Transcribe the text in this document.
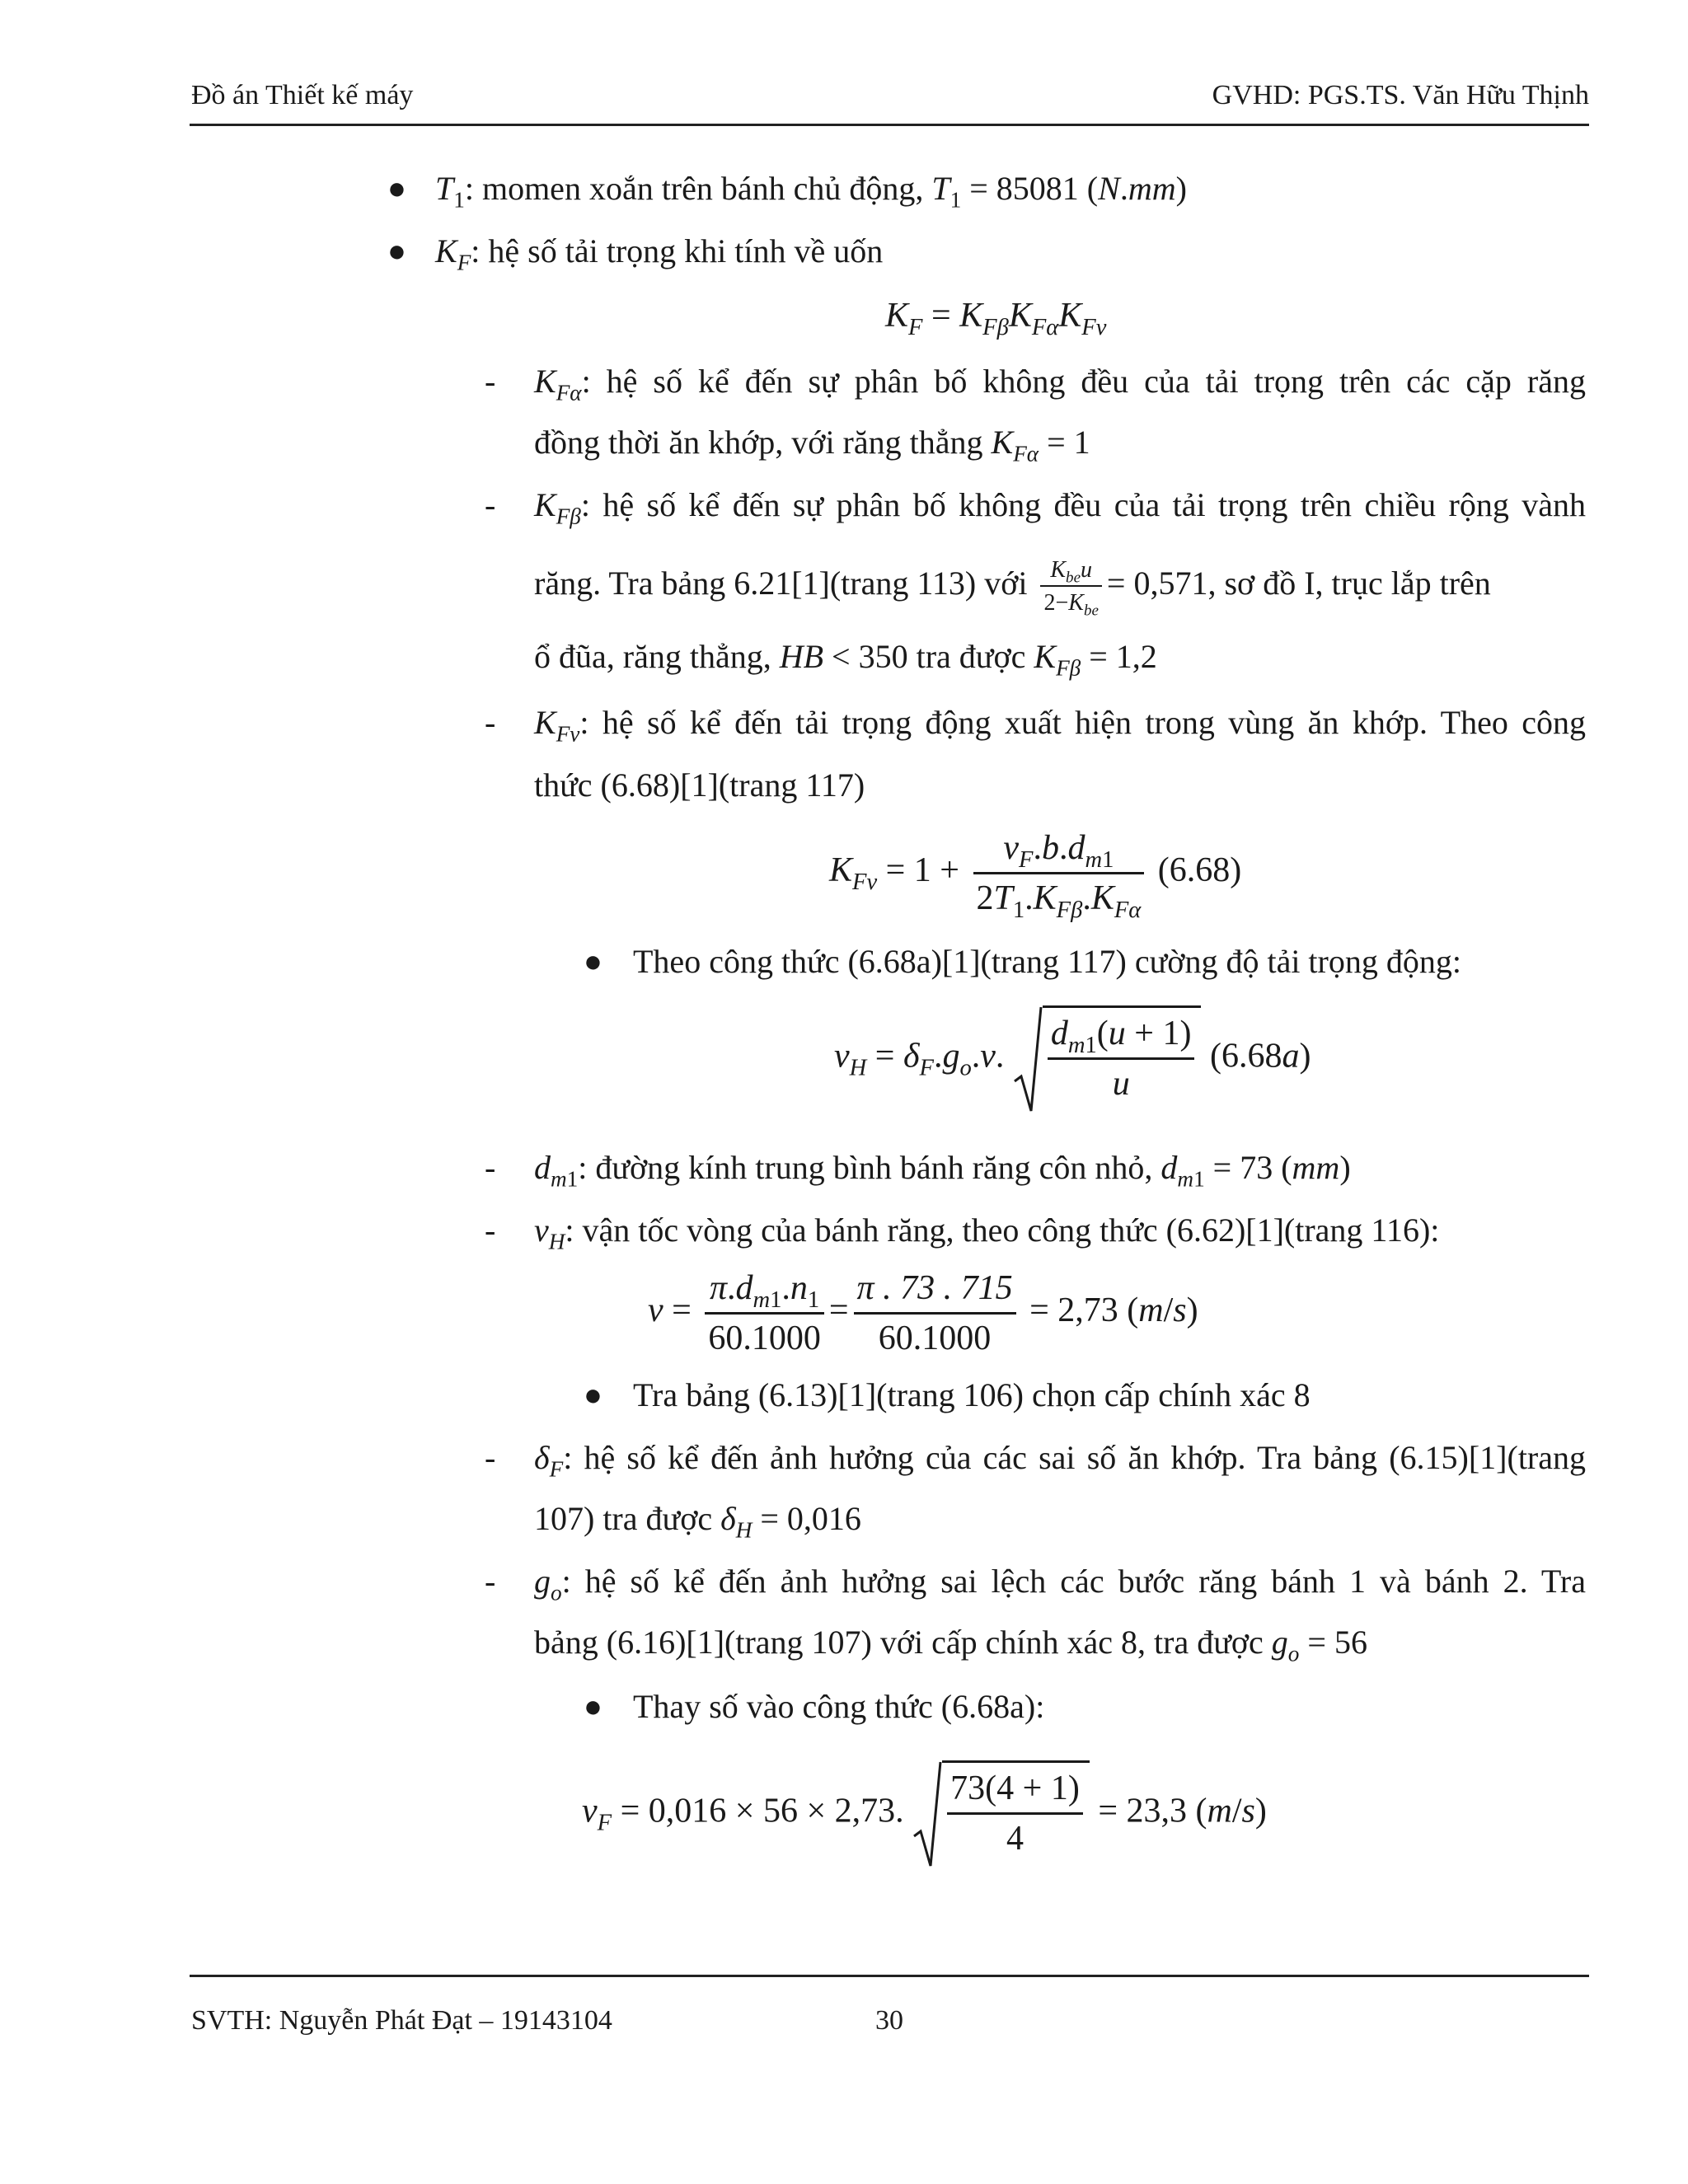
Đồ án Thiết kế máy	GVHD: PGS.TS. Văn Hữu Thịnh
● $T_1$: momen xoắn trên bánh chủ động, $T_1 = 85081$ (N.mm)
● $K_F$: hệ số tải trọng khi tính về uốn
$K_F = K_{F\beta}K_{F\alpha}K_{Fv}$
- $K_{F\alpha}$: hệ số kể đến sự phân bố không đều của tải trọng trên các cặp răng
đồng thời ăn khớp, với răng thẳng $K_{F\alpha} = 1$
- $K_{F\beta}$: hệ số kể đến sự phân bố không đều của tải trọng trên chiều rộng vành
răng. Tra bảng 6.21[1](trang 113) với $\frac{K_{be}u}{2-K_{be}} = 0,571$, sơ đồ I, trục lắp trên
ổ đũa, răng thẳng, HB < 350 tra được $K_{F\beta} = 1,2$
- $K_{Fv}$: hệ số kể đến tải trọng động xuất hiện trong vùng ăn khớp. Theo công
thức (6.68)[1](trang 117)
$K_{Fv} = 1 + \frac{v_F.b.d_{m1}}{2T_1.K_{F\beta}.K_{F\alpha}} (6.68)$
● Theo công thức (6.68a)[1](trang 117) cường độ tải trọng động:
$v_H = \delta_F.g_o.v$. $\frac{d_{m1}(u + 1)}{u} (6.68a)$
- $d_{m1}$: đường kính trung bình bánh răng côn nhỏ, $d_{m1} = 73$ (mm)
- $v_H$: vận tốc vòng của bánh răng, theo công thức (6.62)[1](trang 116):
$v = \frac{\pi.d_{m1}.n_1}{60.1000} = \frac{\pi . 73 . 715}{60.1000} = 2,73$ (m/s)
● Tra bảng (6.13)[1](trang 106) chọn cấp chính xác 8
- $\delta_F$: hệ số kể đến ảnh hưởng của các sai số ăn khớp. Tra bảng (6.15)[1](trang
107) tra được $\delta_H = 0,016$
- $g_o$: hệ số kể đến ảnh hưởng sai lệch các bước răng bánh 1 và bánh 2. Tra
bảng (6.16)[1](trang 107) với cấp chính xác 8, tra được $g_o = 56$
● Thay số vào công thức (6.68a):
$v_F = 0,016 \times 56 \times 2,73$. $\frac{73(4 + 1)}{4} = 23,3$ (m/s)
SVTH: Nguyễn Phát Đạt – 19143104	30
